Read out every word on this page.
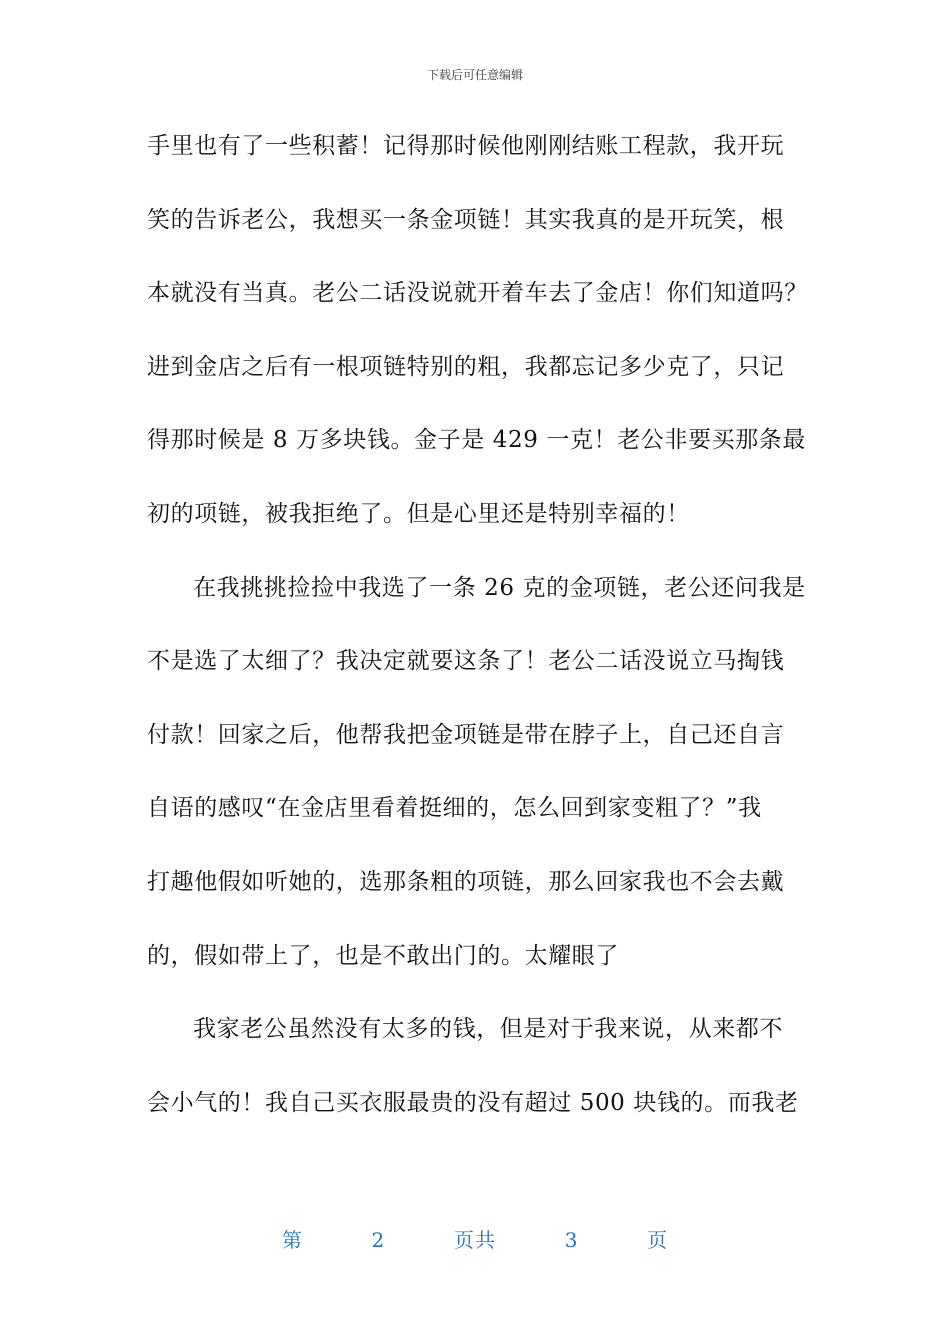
下载后可任意编辑
手里也有了一些积蓄！记得那时候他刚刚结账工程款，我开玩
笑的告诉老公，我想买一条金项链！其实我真的是开玩笑，根
本就没有当真。老公二话没说就开着车去了金店！你们知道吗？
进到金店之后有一根项链特别的粗，我都忘记多少克了，只记
得那时候是 8 万多块钱。金子是 429 一克！老公非要买那条最
初的项链，被我拒绝了。但是心里还是特别幸福的！
在我挑挑捡捡中我选了一条 26 克的金项链，老公还问我是
不是选了太细了？我决定就要这条了！老公二话没说立马掏钱
付款！回家之后，他帮我把金项链是带在脖子上，自己还自言
自语的感叹“在金店里看着挺细的，怎么回到家变粗了？”我
打趣他假如听她的，选那条粗的项链，那么回家我也不会去戴
的，假如带上了，也是不敢出门的。太耀眼了
我家老公虽然没有太多的钱，但是对于我来说，从来都不
会小气的！我自己买衣服最贵的没有超过 500 块钱的。而我老
第	2	页共	3	页
